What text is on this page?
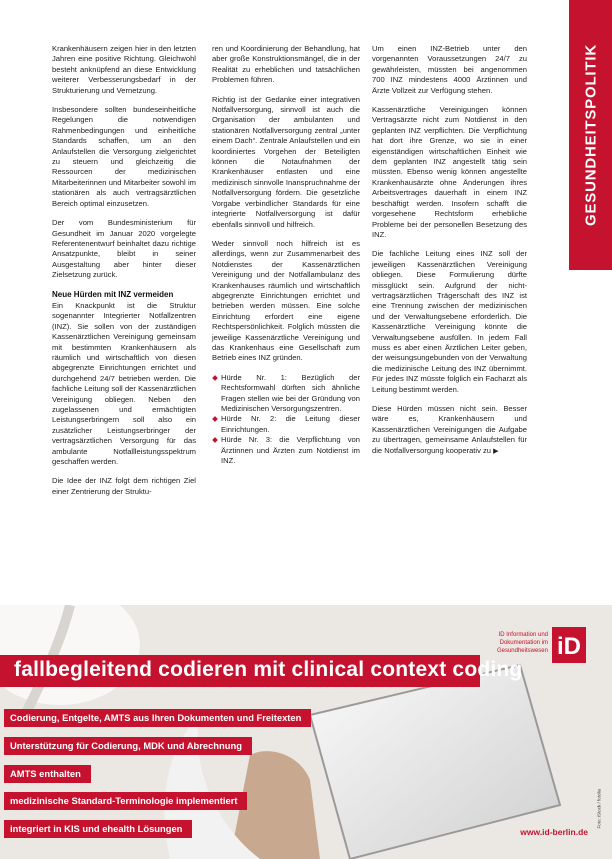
GESUNDHEITSPOLITIK

Krankenhäusern zeigen hier in den letzten Jahren eine positive Richtung. Gleichwohl besteht anknüpfend an diese Entwicklung weiterer Verbesserungsbedarf in der Strukturierung und Vernetzung.

Insbesondere sollten bundeseinheitliche Regelungen die notwendigen Rahmenbedingungen und einheitliche Standards schaffen, um an den Anlaufstellen die Versorgung zielgerichtet zu steuern und gleichzeitig die Ressourcen der medizinischen Mitarbeiterinnen und Mitarbeiter sowohl im stationären als auch vertragsärztlichen Bereich optimal einzusetzen.

Der vom Bundesministerium für Gesundheit im Januar 2020 vorgelegte Referentenentwurf beinhaltet dazu richtige Ansatzpunkte, bleibt in seiner Ausgestaltung aber hinter dieser Zielsetzung zurück.

Neue Hürden mit INZ vermeiden

Ein Knackpunkt ist die Struktur sogenannter Integrierter Notfallzentren (INZ). Sie sollen von der zuständigen Kassenärztlichen Vereinigung gemeinsam mit bestimmten Krankenhäusern als räumlich und wirtschaftlich von diesen abgegrenzte Einrichtungen errichtet und durchgehend 24/7 betrieben werden. Die fachliche Leitung soll der Kassenärztlichen Vereinigung obliegen. Neben den zugelassenen und ermächtigten Leistungserbringern soll also ein zusätzlicher Leistungserbringer der vertragsärztlichen Versorgung für das ambulante Notfallleistungsspektrum geschaffen werden.

Die Idee der INZ folgt dem richtigen Ziel einer Zentrierung der Struktu-

ren und Koordinierung der Behandlung, hat aber große Konstruktionsmängel, die in der Realität zu erheblichen und tatsächlichen Problemen führen.

Richtig ist der Gedanke einer integrativen Notfallversorgung, sinnvoll ist auch die Organisation der ambulanten und stationären Notfallversorgung zentral „unter einem Dach“. Zentrale Anlaufstellen und ein koordiniertes Vorgehen der Beteiligten können die Notaufnahmen der Krankenhäuser entlasten und eine medizinisch sinnvolle Inanspruchnahme der Notfallversorgung fördern. Die gesetzliche Vorgabe verbindlicher Standards für eine integrierte Notfallversorgung ist dafür ebenfalls sinnvoll und hilfreich.

Weder sinnvoll noch hilfreich ist es allerdings, wenn zur Zusammenarbeit des Notdienstes der Kassenärztlichen Vereinigung und der Notfallambulanz des Krankenhauses räumlich und wirtschaftlich abgegrenzte Einrichtungen errichtet und betrieben werden müssen. Eine solche Einrichtung erfordert eine eigene Rechtspersönlichkeit. Folglich müssten die jeweilige Kassenärztliche Vereinigung und das Krankenhaus eine Gesellschaft zum Betrieb eines INZ gründen.

Hürde Nr. 1: Bezüglich der Rechtsformwahl dürften sich ähnliche Fragen stellen wie bei der Gründung von Medizinischen Versorgungszentren.
Hürde Nr. 2: die Leitung dieser Einrichtungen.
Hürde Nr. 3: die Verpflichtung von Ärztinnen und Ärzten zum Notdienst im INZ.

Um einen INZ-Betrieb unter den vorgenannten Voraussetzungen 24/7 zu gewährleisten, müssten bei angenommen 700 INZ mindestens 4000 Ärztinnen und Ärzte Vollzeit zur Verfügung stehen.

Kassenärztliche Vereinigungen können Vertragsärzte nicht zum Notdienst in den geplanten INZ verpflichten. Die Verpflichtung hat dort ihre Grenze, wo sie in einer eigenständigen wirtschaftlichen Einheit wie dem geplanten INZ angestellt tätig sein müssten. Ebenso wenig können angestellte Krankenhausärzte ohne Änderungen ihres Arbeitsvertrages dauerhaft in einem INZ beschäftigt werden. Insofern schafft die vorgesehene Rechtsform erhebliche Probleme bei der personellen Besetzung des INZ.

Die fachliche Leitung eines INZ soll der jeweiligen Kassenärztlichen Vereinigung obliegen. Diese Formulierung dürfte missglückt sein. Aufgrund der nicht-vertragsärztlichen Trägerschaft des INZ ist eine Trennung zwischen der medizinischen und der Verwaltungsebene erforderlich. Die Kassenärztliche Vereinigung könnte die Verwaltungsebene ausfüllen. In jedem Fall muss es aber einen Ärztlichen Leiter geben, der weisungsungebunden von der Verwaltung die medizinische Leitung des INZ übernimmt. Für jedes INZ müsste folglich ein Facharzt als Leitung bestimmt werden.

Diese Hürden müssen nicht sein. Besser wäre es, Krankenhäusern und Kassenärztlichen Vereinigungen die Aufgabe zu übertragen, gemeinsame Anlaufstellen für die Notfallversorgung kooperativ zu ▶

ID Information und
Dokumentation im
Gesundheitswesen iD
fallbegleitend codieren mit clinical context coding
Codierung, Entgelte, AMTS aus Ihren Dokumenten und Freitexten
Unterstützung für Codierung, MDK und Abrechnung
AMTS enthalten
medizinische Standard-Terminologie implementiert
integriert in KIS und ehealth Lösungen	Foto: iStock / fotolia
www.id-berlin.de
